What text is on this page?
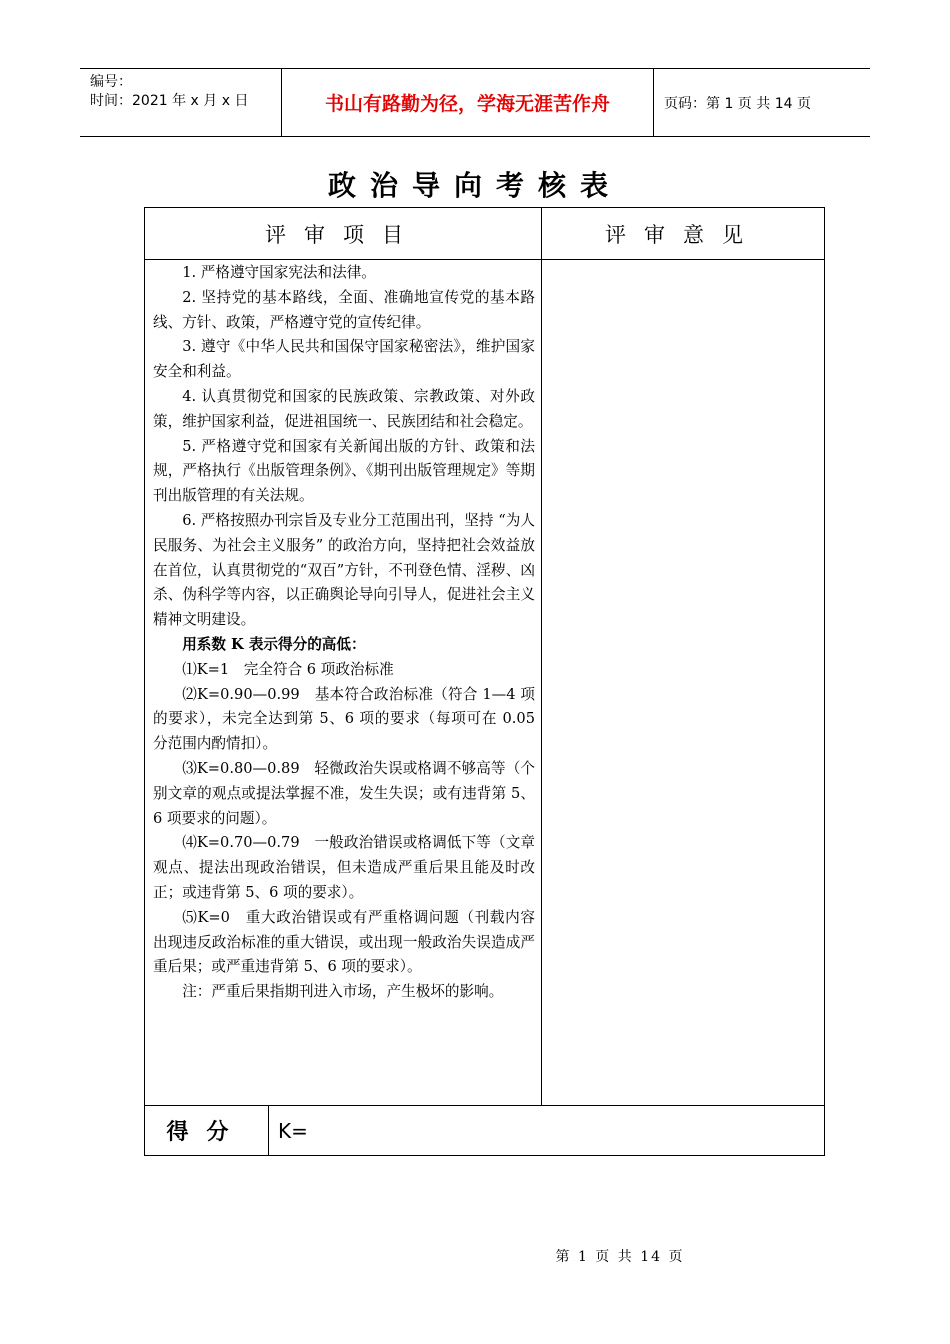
编号：
时间：2021 年 x 月 x 日	书山有路勤为径，学海无涯苦作舟	页码：第 1 页 共 14 页
政治导向考核表
评审项目	评审意见

1. 严格遵守国家宪法和法律。

2. 坚持党的基本路线，全面、准确地宣传党的基本路线、方针、政策，严格遵守党的宣传纪律。

3. 遵守《中华人民共和国保守国家秘密法》，维护国家安全和利益。

4. 认真贯彻党和国家的民族政策、宗教政策、对外政策，维护国家利益，促进祖国统一、民族团结和社会稳定。

5. 严格遵守党和国家有关新闻出版的方针、政策和法规，严格执行《出版管理条例》、《期刊出版管理规定》等期刊出版管理的有关法规。

6. 严格按照办刊宗旨及专业分工范围出刊，坚持 “为人民服务、为社会主义服务” 的政治方向，坚持把社会效益放在首位，认真贯彻党的“双百”方针，不刊登色情、淫秽、凶杀、伪科学等内容，以正确舆论导向引导人，促进社会主义精神文明建设。

用系数 K 表示得分的高低：

⑴K=1　完全符合 6 项政治标准

⑵K=0.90—0.99　基本符合政治标准（符合 1—4 项的要求），未完全达到第 5、6 项的要求（每项可在 0.05 分范围内酌情扣）。

⑶K=0.80—0.89　轻微政治失误或格调不够高等（个别文章的观点或提法掌握不准，发生失误；或有违背第 5、6 项要求的问题）。

⑷K=0.70—0.79　一般政治错误或格调低下等（文章观点、提法出现政治错误，但未造成严重后果且能及时改正；或违背第 5、6 项的要求）。

⑸K=0　重大政治错误或有严重格调问题（刊载内容出现违反政治标准的重大错误，或出现一般政治失误造成严重后果；或严重违背第 5、6 项的要求）。

注：严重后果指期刊进入市场，产生极坏的影响。

得分	K=
第 1 页 共 14 页
